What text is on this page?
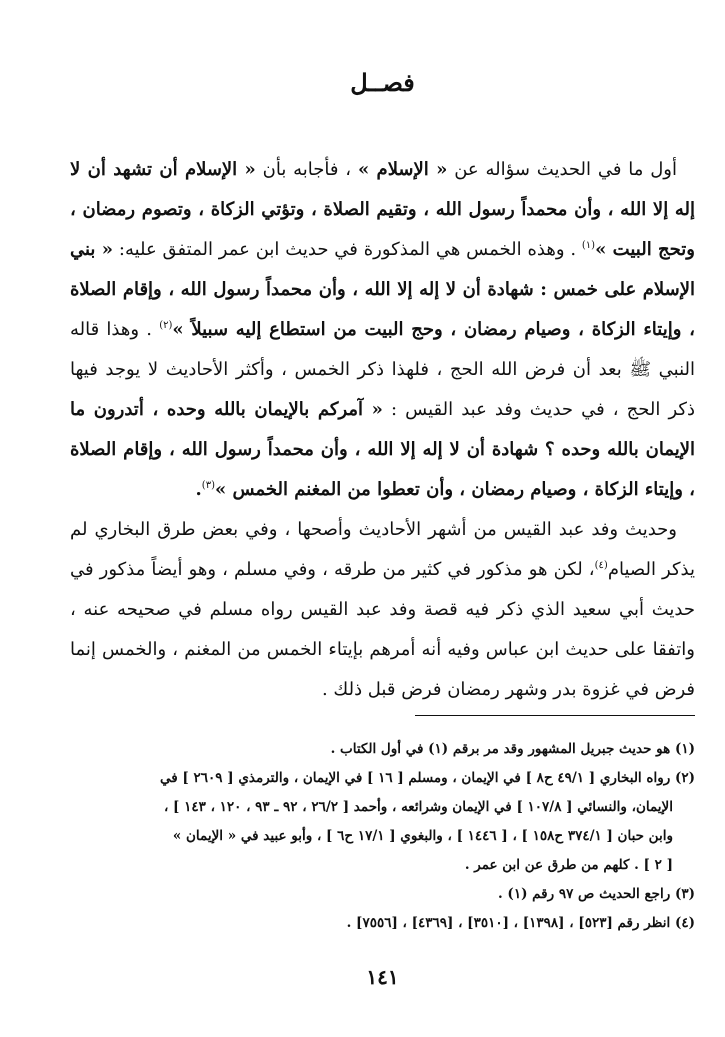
فصــل

أول ما في الحديث سؤاله عن « الإسلام » ، فأجابه بأن « الإسلام أن تشهد أن لا إله إلا الله ، وأن محمداً رسول الله ، وتقيم الصلاة ، وتؤتي الزكاة ، وتصوم رمضان ، وتحج البيت »$^{(١)}$ . وهذه الخمس هي المذكورة في حديث ابن عمر المتفق عليه: « بني الإسلام على خمس : شهادة أن لا إله إلا الله ، وأن محمداً رسول الله ، وإقام الصلاة ، وإيتاء الزكاة ، وصيام رمضان ، وحج البيت من استطاع إليه سبيلاً »$^{(٢)}$ . وهذا قاله النبي ﷺ بعد أن فرض الله الحج ، فلهذا ذكر الخمس ، وأكثر الأحاديث لا يوجد فيها ذكر الحج ، في حديث وفد عبد القيس : « آمركم بالإيمان بالله وحده ، أتدرون ما الإيمان بالله وحده ؟ شهادة أن لا إله إلا الله ، وأن محمداً رسول الله ، وإقام الصلاة ، وإيتاء الزكاة ، وصيام رمضان ، وأن تعطوا من المغنم الخمس »$^{(٣)}$.

وحديث وفد عبد القيس من أشهر الأحاديث وأصحها ، وفي بعض طرق البخاري لم يذكر الصيام$^{(٤)}$، لكن هو مذكور في كثير من طرقه ، وفي مسلم ، وهو أيضاً مذكور في حديث أبي سعيد الذي ذكر فيه قصة وفد عبد القيس رواه مسلم في صحيحه عنه ، واتفقا على حديث ابن عباس وفيه أنه أمرهم بإيتاء الخمس من المغنم ، والخمس إنما فرض في غزوة بدر وشهر رمضان فرض قبل ذلك .

(١) هو حديث جبريل المشهور وقد مر برقم (١) في أول الكتاب .
(٢) رواه البخاري [ ٤٩/١ ح٨ ] في الإيمان ، ومسلم [ ١٦ ] في الإيمان ، والترمذي [ ٢٦٠٩ ] في
الإيمان، والنسائي [ ١٠٧/٨ ] في الإيمان وشرائعه ، وأحمد [ ٢٦/٢ ، ٩٢ ـ ٩٣ ، ١٢٠ ، ١٤٣ ] ،
وابن حبان [ ٣٧٤/١ ح١٥٨ ] ، [ ١٤٤٦ ] ، والبغوي [ ١٧/١ ح٦ ] ، وأبو عبيد في « الإيمان »
[ ٢ ] . كلهم من طرق عن ابن عمر .
(٣) راجع الحديث ص ٩٧ رقم (١) .
(٤) انظر رقم [٥٢٣] ، [١٣٩٨] ، [٣٥١٠] ، [٤٣٦٩] ، [٧٥٥٦] .
١٤١
